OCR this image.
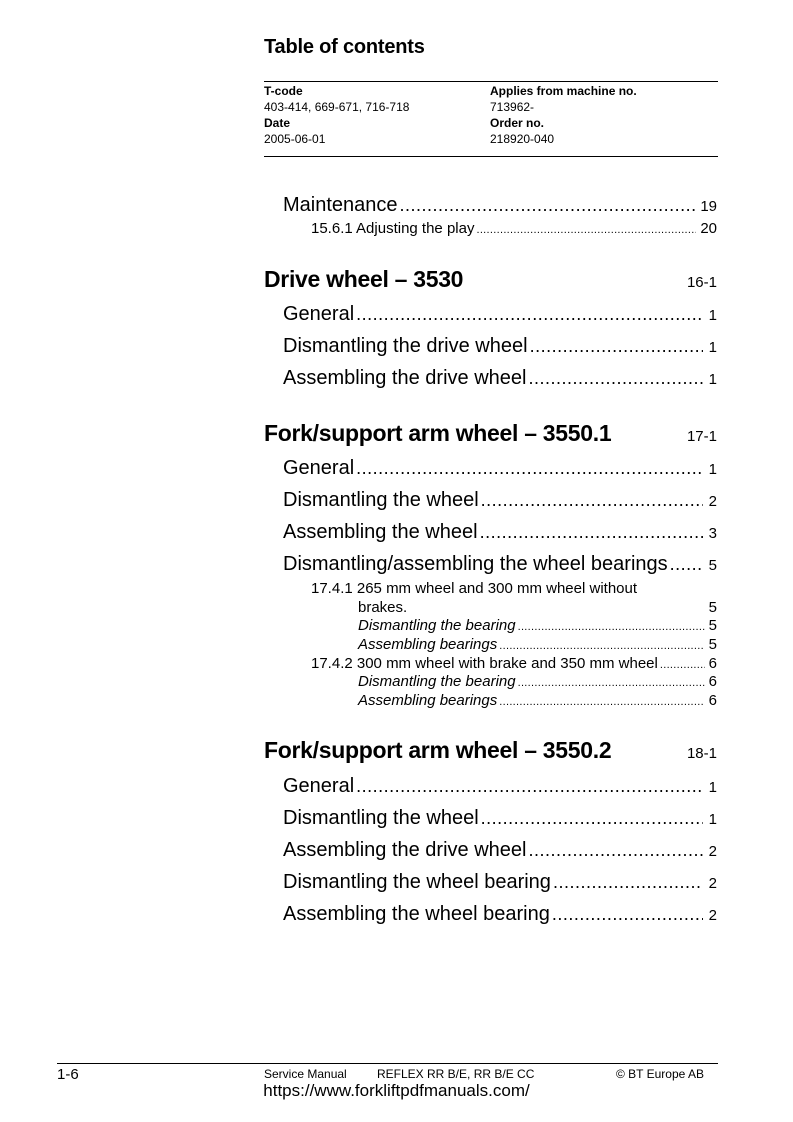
Table of contents
T-code
403-414, 669-671, 716-718
Date
2005-06-01
Applies from machine no.
713962-
Order no.
218920-040
Maintenance .....	19
15.6.1 Adjusting the play .....	20
Drive wheel – 3530	16-1
General .....	1
Dismantling the drive wheel .....	1
Assembling the drive wheel .....	1
Fork/support arm wheel – 3550.1	17-1
General .....	1
Dismantling the wheel .....	2
Assembling the wheel .....	3
Dismantling/assembling the wheel bearings .....	5
17.4.1 265 mm wheel and 300 mm wheel without
brakes.	5
Dismantling the bearing .....	5
Assembling bearings .....	5
17.4.2 300 mm wheel with brake and 350 mm wheel .....	6
Dismantling the bearing .....	6
Assembling bearings .....	6
Fork/support arm wheel – 3550.2	18-1
General .....	1
Dismantling the wheel .....	1
Assembling the drive wheel .....	2
Dismantling the wheel bearing .....	2
Assembling the wheel bearing .....	2
1-6	Service Manual	REFLEX RR B/E, RR B/E CC	© BT Europe AB
https://www.forkliftpdfmanuals.com/
